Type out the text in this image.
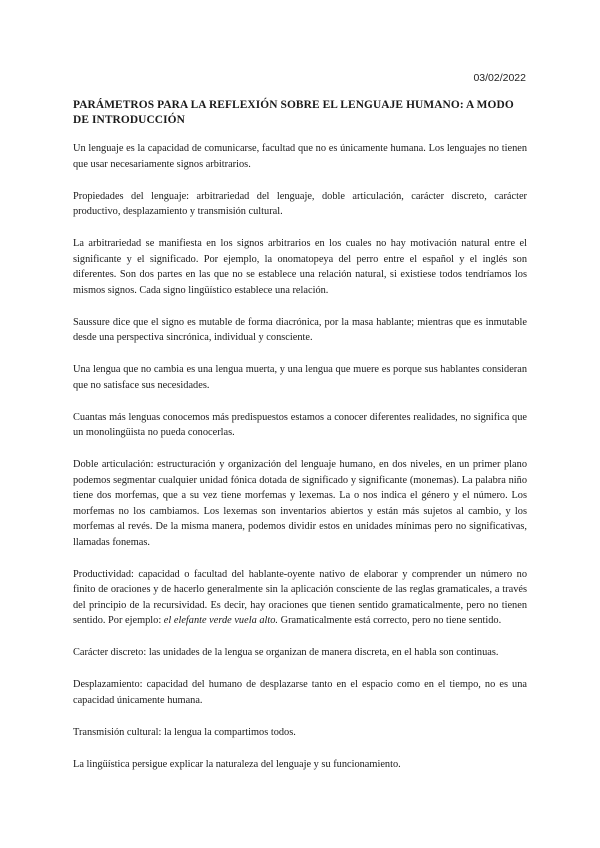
03/02/2022
PARÁMETROS PARA LA REFLEXIÓN SOBRE EL LENGUAJE HUMANO: A MODO DE INTRODUCCIÓN

Un lenguaje es la capacidad de comunicarse, facultad que no es únicamente humana. Los lenguajes no tienen que usar necesariamente signos arbitrarios.

Propiedades del lenguaje: arbitrariedad del lenguaje, doble articulación, carácter discreto, carácter productivo, desplazamiento y transmisión cultural.

La arbitrariedad se manifiesta en los signos arbitrarios en los cuales no hay motivación natural entre el significante y el significado. Por ejemplo, la onomatopeya del perro entre el español y el inglés son diferentes. Son dos partes en las que no se establece una relación natural, si existiese todos tendríamos los mismos signos. Cada signo lingüístico establece una relación.

Saussure dice que el signo es mutable de forma diacrónica, por la masa hablante; mientras que es inmutable desde una perspectiva sincrónica, individual y consciente.

Una lengua que no cambia es una lengua muerta, y una lengua que muere es porque sus hablantes consideran que no satisface sus necesidades.

Cuantas más lenguas conocemos más predispuestos estamos a conocer diferentes realidades, no significa que un monolingüista no pueda conocerlas.

Doble articulación: estructuración y organización del lenguaje humano, en dos niveles, en un primer plano podemos segmentar cualquier unidad fónica dotada de significado y significante (monemas). La palabra niño tiene dos morfemas, que a su vez tiene morfemas y lexemas. La o nos indica el género y el número. Los morfemas no los cambiamos. Los lexemas son inventarios abiertos y están más sujetos al cambio, y los morfemas al revés. De la misma manera, podemos dividir estos en unidades mínimas pero no significativas, llamadas fonemas.

Productividad: capacidad o facultad del hablante-oyente nativo de elaborar y comprender un número no finito de oraciones y de hacerlo generalmente sin la aplicación consciente de las reglas gramaticales, a través del principio de la recursividad. Es decir, hay oraciones que tienen sentido gramaticalmente, pero no tienen sentido. Por ejemplo: el elefante verde vuela alto. Gramaticalmente está correcto, pero no tiene sentido.

Carácter discreto: las unidades de la lengua se organizan de manera discreta, en el habla son continuas.

Desplazamiento: capacidad del humano de desplazarse tanto en el espacio como en el tiempo, no es una capacidad únicamente humana.

Transmisión cultural: la lengua la compartimos todos.

La lingüística persigue explicar la naturaleza del lenguaje y su funcionamiento.
